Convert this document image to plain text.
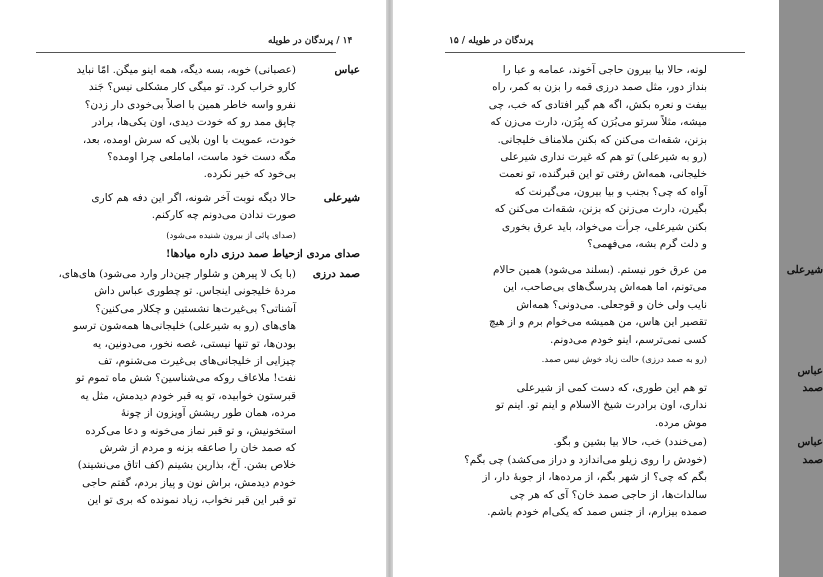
۱۴ / پرندگان در طویله
عباس
(عصبانی) خوبه، بسه دیگه، همه اینو میگن. امّا نباید
کارو خراب کرد. تو میگی کار مشکلی نیس؟ جَند
نفرو واسه خاطر همین با اصلاً بی‌خودی دار زدن؟
چاپق ممد رو که خودت دیدی، اون یکی‌ها، برادر
خودت، عمویت با اون بلایی که سرش اومده، بعد،
مگه دست خود ماست، اماملعی چرا اومده؟
بی‌خود که خیر نکرده.
شیرعلی
حالا دیگه نوبت آخر شونه، اگر این دفه هم کاری
صورت ندادن می‌دونم چه کارکنم.
(صدای پائی از بیرون شنیده می‌شود)
صدای مردی ازحیاط صمد درزی داره میادها!
صمد درزی
(با یک لا پیرهن و شلوار چین‌دار وارد می‌شود) های‌های،
مردهٔ خلیجونی اینجاس. تو چطوری عباس داش
آشناتی؟ بی‌غیرت‌ها نشستین و چکلار می‌کنین؟
های‌های (رو به شیرعلی) خلیجانی‌ها همه‌شون ترسو
بودن‌ها، تو تنها نیستی، غصه نخور، می‌دونین، یه
چیزایی از خلیجانی‌های بی‌غیرت می‌شنوم، تف
نفت! ملاعاف روکه می‌شناسین؟ شش ماه تموم تو
قبرستون خوابیده، تو یه قبر خودم دیدمش، مثل یه
مرده، همان طور ریشش آویزون از چونهٔ
استخونیش، و تو قبر نماز می‌خونه و دعا می‌کرده
که صمد خان را صاعقه بزنه و مردم از شرش
خلاص بشن. آخ، بذارین بشینم (کف اتاق می‌نشیند)
خودم دیدمش، براش نون و پیاز بردم، گفتم حاجی
تو قبر این قبر نخواب، زیاد نمونده که بری تو این
پرندگان در طویله / ۱۵
لونه، حالا بیا بیرون حاجی آخوند، عمامه و عبا را
بنداز دور، مثل صمد درزی قمه را بزن به کمر، راه
بیفت و نعره بکش، اگه هم گیر افتادی که خب، چی
میشه، مثلاً سرتو می‌بُرَن که بِبُرَن، دارت می‌زن که
بزنن، شقه‌ات می‌کنن که بکنن ملامناف خلیجانی.
(رو به شیرعلی) تو هم که غیرت نداری شیرعلی
خلیجانی، همه‌اش رفتی تو این قبرگنده، تو نعمت
آواه که چی؟ بجنب و بیا بیرون، می‌گیرنت که
بگیرن، دارت می‌زنن که بزنن، شقه‌ات می‌کنن که
بکنن شیرعلی، جرأت می‌خواد، باید عرق بخوری
و دلت گرم بشه، می‌فهمی؟
شیرعلی
من عرق خور نیستم. (بسلند می‌شود) همین حالام
می‌تونم، اما همه‌اش پدرسگ‌های بی‌صاحب، این
نایب ولی خان و قوجعلی. می‌دونی؟ همه‌اش
تقصیر این هاس، من همیشه می‌خوام برم و از هیچ
کسی نمی‌ترسم، اینو خودم می‌دونم.
(رو به صمد درزی) حالت زیاد خوش نیس صمد.
عباس
صمد
تو هم این طوری، که دست کمی از شیرعلی
نداری، اون برادرت شیخ الاسلام و اینم تو. اینم تو
موش مرده.
عباس
(می‌خندد) خب، حالا بیا بشین و بگو.
صمد
(خودش را روی زیلو می‌اندازد و دراز می‌کشد) چی بگم؟
بگم که چی؟ از شهر بگم، از مرده‌ها، از جوبهٔ دار، از
سالدات‌ها، از حاجی صمد خان؟ آی که هر چی
صمده بیزارم، از جنس صمد که یکی‌ام خودم باشم.
